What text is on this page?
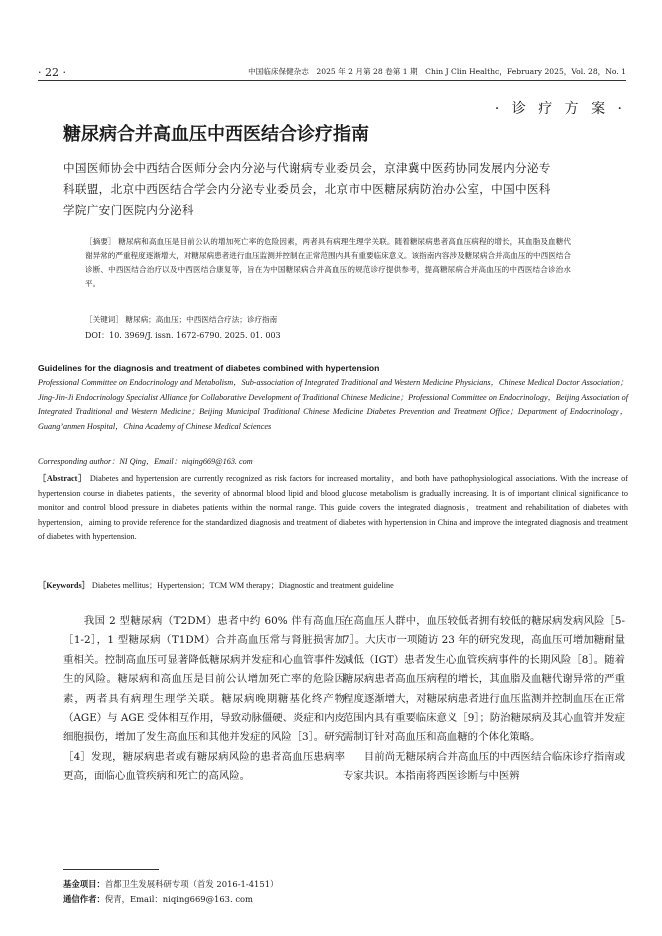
· 22 ·	中国临床保健杂志　2025 年 2 月第 28 卷第 1 期　Chin J Clin Healthc，February 2025，Vol. 28，No. 1
· 诊 疗 方 案 ·
糖尿病合并高血压中西医结合诊疗指南
中国医师协会中西结合医师分会内分泌与代谢病专业委员会，京津冀中医药协同发展内分泌专科联盟，北京中西医结合学会内分泌专业委员会，北京市中医糖尿病防治办公室，中国中医科学院广安门医院内分泌科
［摘要］ 糖尿病和高血压是目前公认的增加死亡率的危险因素，两者具有病理生理学关联。随着糖尿病患者高血压病程的增长，其血脂及血糖代谢异常的严重程度逐渐增大，对糖尿病患者进行血压监测并控制在正常范围内具有重要临床意义。该指南内容涉及糖尿病合并高血压的中西医结合诊断、中西医结合治疗以及中西医结合康复等，旨在为中国糖尿病合并高血压的规范诊疗提供参考，提高糖尿病合并高血压的中西医结合诊治水平。
［关键词］ 糖尿病；高血压；中西医结合疗法；诊疗指南
DOI：10. 3969/J. issn. 1672-6790. 2025. 01. 003
Guidelines for the diagnosis and treatment of diabetes combined with hypertension
Professional Committee on Endocrinology and Metabolism，Sub-association of Integrated Traditional and Western Medicine Physicians，Chinese Medical Doctor Association；Jing-Jin-Ji Endocrinology Specialist Alliance for Collaborative Development of Traditional Chinese Medicine；Professional Committee on Endocrinology，Beijing Association of Integrated Traditional and Western Medicine；Beijing Municipal Traditional Chinese Medicine Diabetes Prevention and Treatment Office；Department of Endocrinology，Guang’anmen Hospital，China Academy of Chinese Medical Sciences
Corresponding author：NI Qing，Email：niqing669@163. com
［Abstract］ Diabetes and hypertension are currently recognized as risk factors for increased mortality，and both have pathophysiological associations. With the increase of hypertension course in diabetes patients，the severity of abnormal blood lipid and blood glucose metabolism is gradually increasing. It is of important clinical significance to monitor and control blood pressure in diabetes patients within the normal range. This guide covers the integrated diagnosis，treatment and rehabilitation of diabetes with hypertension，aiming to provide reference for the standardized diagnosis and treatment of diabetes with hypertension in China and improve the integrated diagnosis and treatment of diabetes with hypertension.
［Keywords］ Diabetes mellitus；Hypertension；TCM WM therapy；Diagnostic and treatment guideline

我国 2 型糖尿病（T2DM）患者中约 60% 伴有高血压［1-2］，1 型糖尿病（T1DM）合并高血压常与肾脏损害加重相关。控制高血压可显著降低糖尿病并发症和心血管事件发生的风险。糖尿病和高血压是目前公认增加死亡率的危险因素，两者具有病理生理学关联。糖尿病晚期糖基化终产物（AGE）与 AGE 受体相互作用，导致动脉僵硬、炎症和内皮细胞损伤，增加了发生高血压和其他并发症的风险［3］。研究［4］发现，糖尿病患者或有糖尿病风险的患者高血压患病率更高，面临心血管疾病和死亡的高风险。

在高血压人群中，血压较低者拥有较低的糖尿病发病风险［5-7］。大庆市一项随访 23 年的研究发现，高血压可增加糖耐量减低（IGT）患者发生心血管疾病事件的长期风险［8］。随着糖尿病患者高血压病程的增长，其血脂及血糖代谢异常的严重程度逐渐增大，对糖尿病患者进行血压监测并控制血压在正常范围内具有重要临床意义［9］；防治糖尿病及其心血管并发症需制订针对高血压和高血糖的个体化策略。

目前尚无糖尿病合并高血压的中西医结合临床诊疗指南或专家共识。本指南将西医诊断与中医辨

基金项目：首都卫生发展科研专项（首发 2016-1-4151）
通信作者：倪青，Email：niqing669@163. com
